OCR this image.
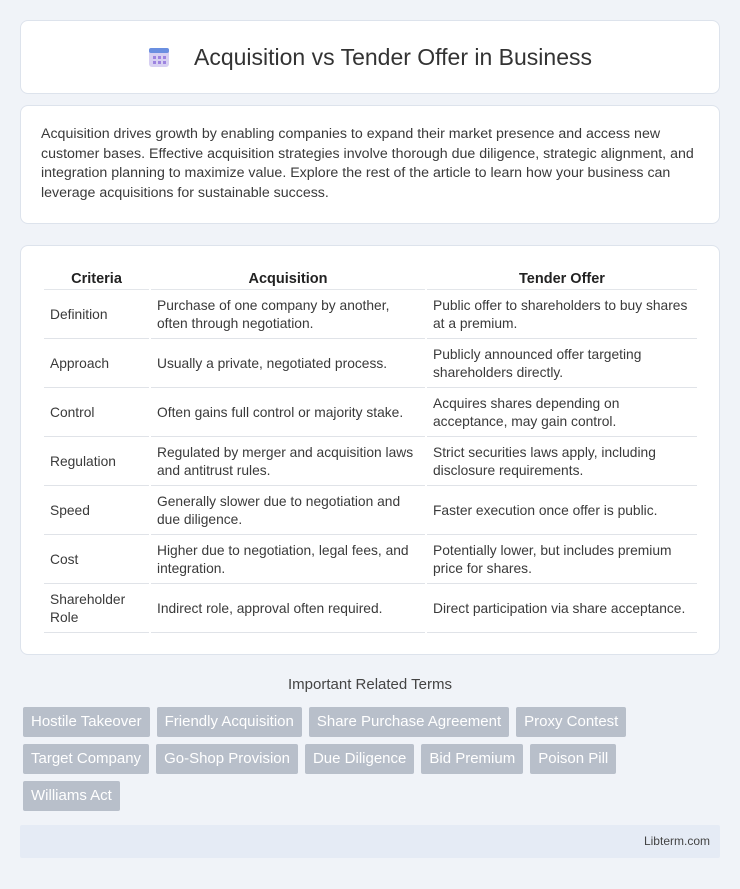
Acquisition vs Tender Offer in Business

Acquisition drives growth by enabling companies to expand their market presence and access new customer bases. Effective acquisition strategies involve thorough due diligence, strategic alignment, and integration planning to maximize value. Explore the rest of the article to learn how your business can leverage acquisitions for sustainable success.

Criteria	Acquisition	Tender Offer
Definition	Purchase of one company by another, often through negotiation.	Public offer to shareholders to buy shares at a premium.
Approach	Usually a private, negotiated process.	Publicly announced offer targeting shareholders directly.
Control	Often gains full control or majority stake.	Acquires shares depending on acceptance, may gain control.
Regulation	Regulated by merger and acquisition laws and antitrust rules.	Strict securities laws apply, including disclosure requirements.
Speed	Generally slower due to negotiation and due diligence.	Faster execution once offer is public.
Cost	Higher due to negotiation, legal fees, and integration.	Potentially lower, but includes premium price for shares.
Shareholder Role	Indirect role, approval often required.	Direct participation via share acceptance.
Important Related Terms
Hostile Takeover	Friendly Acquisition	Share Purchase Agreement	Proxy Contest
Target Company	Go-Shop Provision	Due Diligence	Bid Premium	Poison Pill
Williams Act
Libterm.com
